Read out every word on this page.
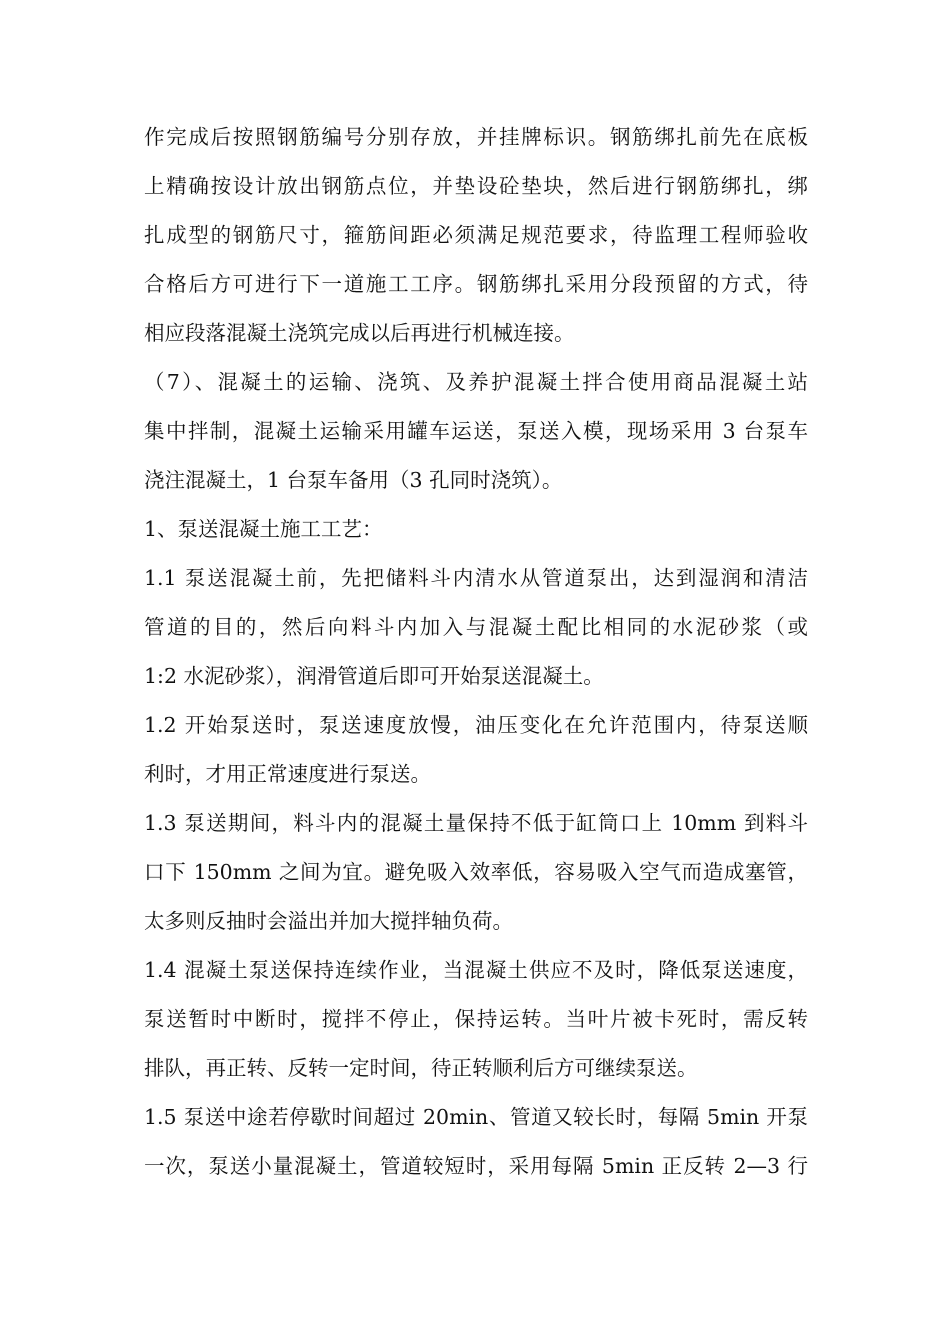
作完成后按照钢筋编号分别存放，并挂牌标识。钢筋绑扎前先在底板
上精确按设计放出钢筋点位，并垫设砼垫块，然后进行钢筋绑扎，绑
扎成型的钢筋尺寸，箍筋间距必须满足规范要求，待监理工程师验收
合格后方可进行下一道施工工序。钢筋绑扎采用分段预留的方式，待
相应段落混凝土浇筑完成以后再进行机械连接。
（7）、混凝土的运输、浇筑、及养护混凝土拌合使用商品混凝土站
集中拌制，混凝土运输采用罐车运送，泵送入模，现场采用 3 台泵车
浇注混凝土，1 台泵车备用（3 孔同时浇筑）。
1、泵送混凝土施工工艺：
1.1 泵送混凝土前，先把储料斗内清水从管道泵出，达到湿润和清洁
管道的目的，然后向料斗内加入与混凝土配比相同的水泥砂浆（或
1:2 水泥砂浆），润滑管道后即可开始泵送混凝土。
1.2 开始泵送时，泵送速度放慢，油压变化在允许范围内，待泵送顺
利时，才用正常速度进行泵送。
1.3 泵送期间，料斗内的混凝土量保持不低于缸筒口上 10mm 到料斗
口下 150mm 之间为宜。避免吸入效率低，容易吸入空气而造成塞管，
太多则反抽时会溢出并加大搅拌轴负荷。
1.4 混凝土泵送保持连续作业，当混凝土供应不及时，降低泵送速度，
泵送暂时中断时，搅拌不停止，保持运转。当叶片被卡死时，需反转
排队，再正转、反转一定时间，待正转顺利后方可继续泵送。
1.5 泵送中途若停歇时间超过 20min、管道又较长时，每隔 5min 开泵
一次，泵送小量混凝土，管道较短时，采用每隔 5min 正反转 2—3 行
